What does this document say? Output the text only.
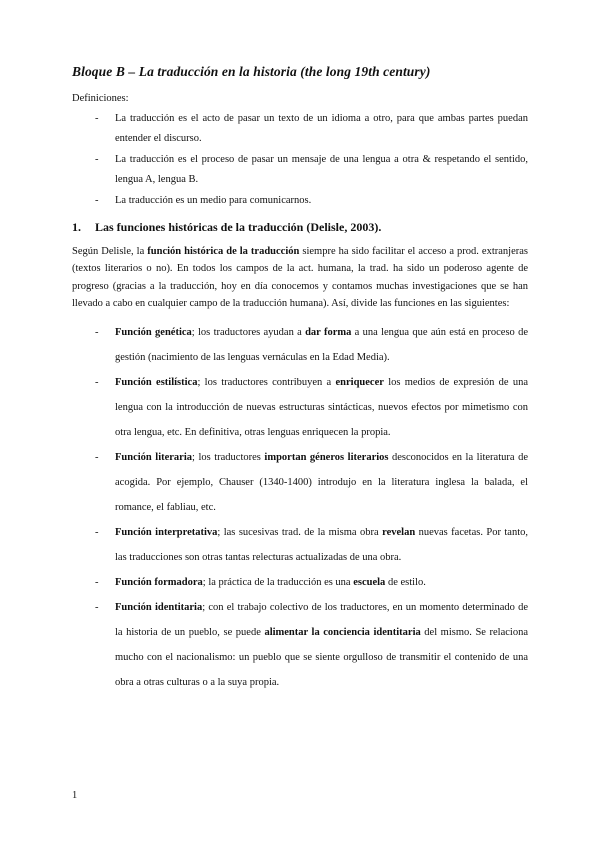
Bloque B – La traducción en la historia (the long 19th century)

Definiciones:

-	La traducción es el acto de pasar un texto de un idioma a otro, para que ambas partes puedan entender el discurso.
-	La traducción es el proceso de pasar un mensaje de una lengua a otra & respetando el sentido, lengua A, lengua B.
-	La traducción es un medio para comunicarnos.
1.	Las funciones históricas de la traducción (Delisle, 2003).

Según Delisle, la función histórica de la traducción siempre ha sido facilitar el acceso a prod. extranjeras (textos literarios o no). En todos los campos de la act. humana, la trad. ha sido un poderoso agente de progreso (gracias a la traducción, hoy en día conocemos y contamos muchas investigaciones que se han llevado a cabo en cualquier campo de la traducción humana). Así, divide las funciones en las siguientes:

-	Función genética; los traductores ayudan a dar forma a una lengua que aún está en proceso de gestión (nacimiento de las lenguas vernáculas en la Edad Media).
-	Función estilística; los traductores contribuyen a enriquecer los medios de expresión de una lengua con la introducción de nuevas estructuras sintácticas, nuevos efectos por mimetismo con otra lengua, etc. En definitiva, otras lenguas enriquecen la propia.
-	Función literaria; los traductores importan géneros literarios desconocidos en la literatura de acogida. Por ejemplo, Chauser (1340-1400) introdujo en la literatura inglesa la balada, el romance, el fabliau, etc.
-	Función interpretativa; las sucesivas trad. de la misma obra revelan nuevas facetas. Por tanto, las traducciones son otras tantas relecturas actualizadas de una obra.
-	Función formadora; la práctica de la traducción es una escuela de estilo.
-	Función identitaria; con el trabajo colectivo de los traductores, en un momento determinado de la historia de un pueblo, se puede alimentar la conciencia identitaria del mismo. Se relaciona mucho con el nacionalismo: un pueblo que se siente orgulloso de transmitir el contenido de una obra a otras culturas o a la suya propia.
1
